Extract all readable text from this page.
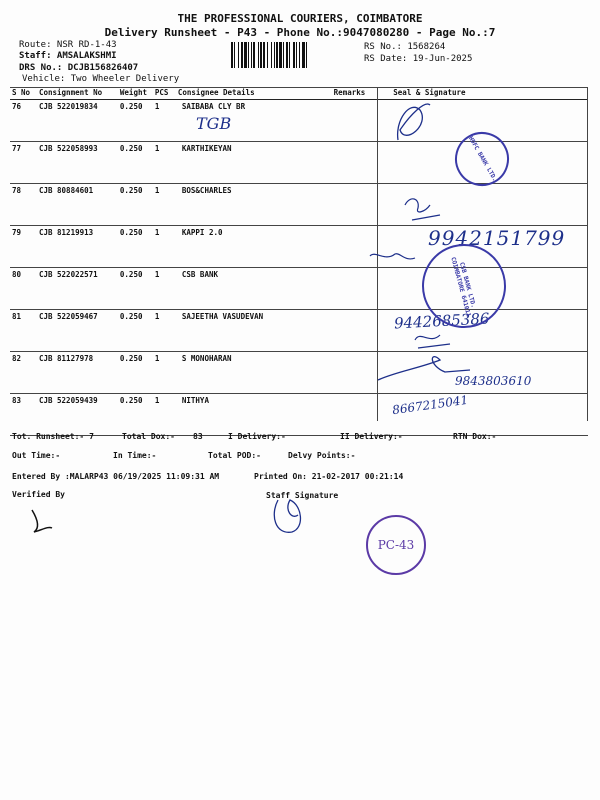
THE PROFESSIONAL COURIERS, COIMBATORE
Delivery Runsheet - P43 - Phone No.:9047080280 - Page No.:7
Route: NSR RD-1-43
Staff: AMSALAKSHMI
DRS No.: DCJB156826407
Vehicle: Two Wheeler Delivery
RS No.: 1568264
RS Date: 19-Jun-2025
S No	Consignment No	Weight	PCS	Consignee Details	Remarks	Seal & Signature
76	CJB 522019834	0.250	1	SAIBABA CLY BR		
77	CJB 522058993	0.250	1	KARTHIKEYAN		
78	CJB 80884601	0.250	1	BOS&CHARLES		
79	CJB 81219913	0.250	1	KAPPI 2.0		
80	CJB 522022571	0.250	1	CSB BANK		
81	CJB 522059467	0.250	1	SAJEETHA VASUDEVAN		
82	CJB 81127978	0.250	1	S MONOHARAN		
83	CJB 522059439	0.250	1	NITHYA		
TGB
9942151799
9442685386
9843803610
8667215041
HDFC BANK LTD.
CSB BANK LTD. COIMBATORE 641011
PC-43
Tot. Runsheet:- 7	Total Dox:- 83	I Delivery:-	II Delivery:-	RTN Dox:-
Out Time:-	In Time:-	Total POD:-	Delvy Points:-
Entered By :MALARP43 06/19/2025 11:09:31 AM	Printed On: 21-02-2017 00:21:14
Verified By	Staff Signature
